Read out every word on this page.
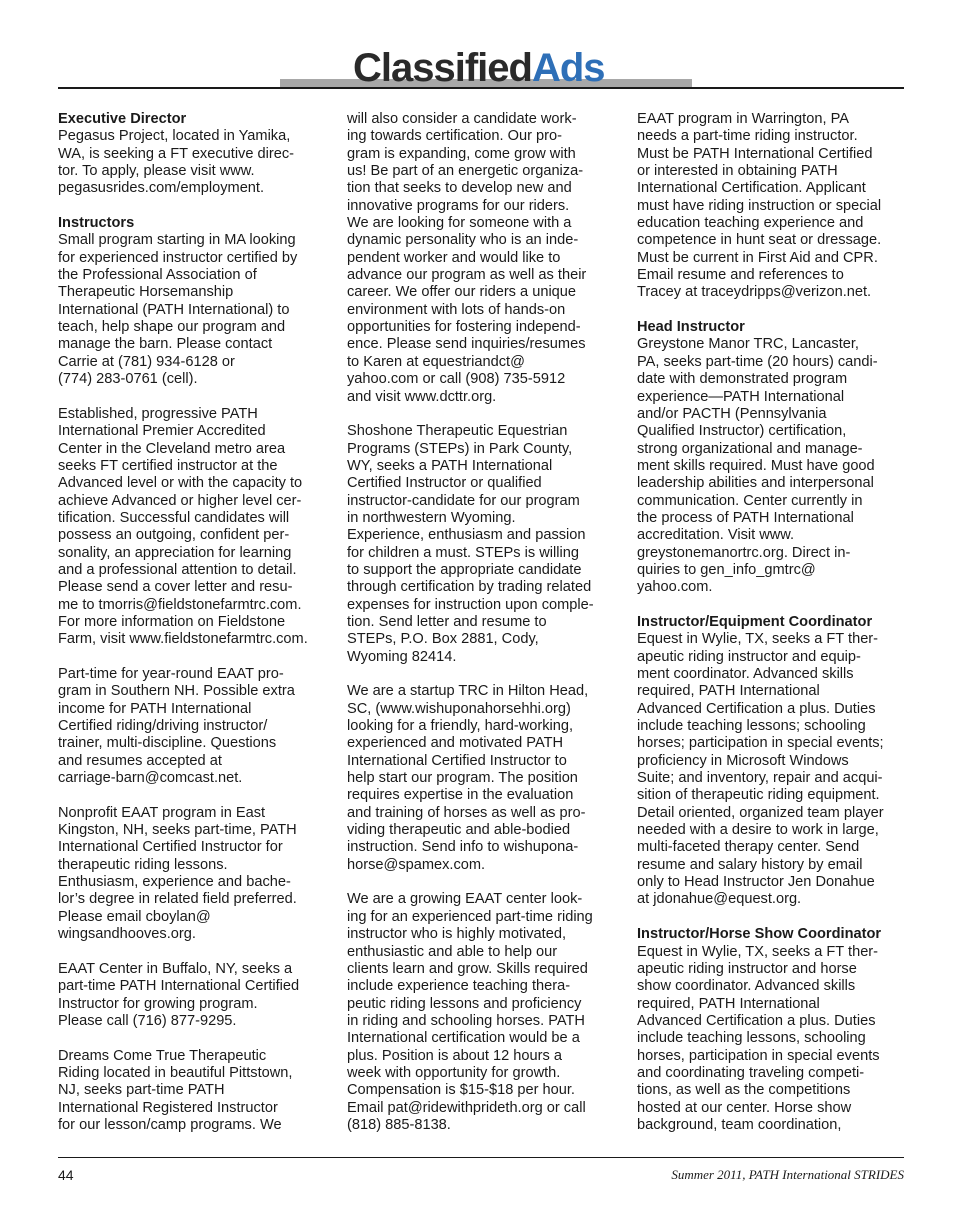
ClassifiedAds
Executive Director
Pegasus Project, located in Yamika,
WA, is seeking a FT executive direc-
tor. To apply, please visit www.
pegasusrides.com/employment.
Instructors
Small program starting in MA looking
for experienced instructor certified by
the Professional Association of
Therapeutic Horsemanship
International (PATH International) to
teach, help shape our program and
manage the barn. Please contact
Carrie at (781) 934-6128 or
(774) 283-0761 (cell).
Established, progressive PATH
International Premier Accredited
Center in the Cleveland metro area
seeks FT certified instructor at the
Advanced level or with the capacity to
achieve Advanced or higher level cer-
tification. Successful candidates will
possess an outgoing, confident per-
sonality, an appreciation for learning
and a professional attention to detail.
Please send a cover letter and resu-
me to tmorris@fieldstonefarmtrc.com.
For more information on Fieldstone
Farm, visit www.fieldstonefarmtrc.com.
Part-time for year-round EAAT pro-
gram in Southern NH. Possible extra
income for PATH International
Certified riding/driving instructor/
trainer, multi-discipline. Questions
and resumes accepted at
carriage-barn@comcast.net.
Nonprofit EAAT program in East
Kingston, NH, seeks part-time, PATH
International Certified Instructor for
therapeutic riding lessons.
Enthusiasm, experience and bache-
lor’s degree in related field preferred.
Please email cboylan@
wingsandhooves.org.
EAAT Center in Buffalo, NY, seeks a
part-time PATH International Certified
Instructor for growing program.
Please call (716) 877-9295.
Dreams Come True Therapeutic
Riding located in beautiful Pittstown,
NJ, seeks part-time PATH
International Registered Instructor
for our lesson/camp programs. We
will also consider a candidate work-
ing towards certification. Our pro-
gram is expanding, come grow with
us! Be part of an energetic organiza-
tion that seeks to develop new and
innovative programs for our riders.
We are looking for someone with a
dynamic personality who is an inde-
pendent worker and would like to
advance our program as well as their
career. We offer our riders a unique
environment with lots of hands-on
opportunities for fostering independ-
ence. Please send inquiries/resumes
to Karen at equestriandct@
yahoo.com or call (908) 735-5912
and visit www.dcttr.org.
Shoshone Therapeutic Equestrian
Programs (STEPs) in Park County,
WY, seeks a PATH International
Certified Instructor or qualified
instructor-candidate for our program
in northwestern Wyoming.
Experience, enthusiasm and passion
for children a must. STEPs is willing
to support the appropriate candidate
through certification by trading related
expenses for instruction upon comple-
tion. Send letter and resume to
STEPs, P.O. Box 2881, Cody,
Wyoming 82414.
We are a startup TRC in Hilton Head,
SC, (www.wishuponahorsehhi.org)
looking for a friendly, hard-working,
experienced and motivated PATH
International Certified Instructor to
help start our program. The position
requires expertise in the evaluation
and training of horses as well as pro-
viding therapeutic and able-bodied
instruction. Send info to wishupona-
horse@spamex.com.
We are a growing EAAT center look-
ing for an experienced part-time riding
instructor who is highly motivated,
enthusiastic and able to help our
clients learn and grow. Skills required
include experience teaching thera-
peutic riding lessons and proficiency
in riding and schooling horses. PATH
International certification would be a
plus. Position is about 12 hours a
week with opportunity for growth.
Compensation is $15-$18 per hour.
Email pat@ridewithprideth.org or call
(818) 885-8138.
EAAT program in Warrington, PA
needs a part-time riding instructor.
Must be PATH International Certified
or interested in obtaining PATH
International Certification. Applicant
must have riding instruction or special
education teaching experience and
competence in hunt seat or dressage.
Must be current in First Aid and CPR.
Email resume and references to
Tracey at traceydripps@verizon.net.
Head Instructor
Greystone Manor TRC, Lancaster,
PA, seeks part-time (20 hours) candi-
date with demonstrated program
experience—PATH International
and/or PACTH (Pennsylvania
Qualified Instructor) certification,
strong organizational and manage-
ment skills required. Must have good
leadership abilities and interpersonal
communication. Center currently in
the process of PATH International
accreditation. Visit www.
greystonemanortrc.org. Direct in-
quiries to gen_info_gmtrc@
yahoo.com.
Instructor/Equipment Coordinator
Equest in Wylie, TX, seeks a FT ther-
apeutic riding instructor and equip-
ment coordinator. Advanced skills
required, PATH International
Advanced Certification a plus. Duties
include teaching lessons; schooling
horses; participation in special events;
proficiency in Microsoft Windows
Suite; and inventory, repair and acqui-
sition of therapeutic riding equipment.
Detail oriented, organized team player
needed with a desire to work in large,
multi-faceted therapy center. Send
resume and salary history by email
only to Head Instructor Jen Donahue
at jdonahue@equest.org.
Instructor/Horse Show Coordinator
Equest in Wylie, TX, seeks a FT ther-
apeutic riding instructor and horse
show coordinator. Advanced skills
required, PATH International
Advanced Certification a plus. Duties
include teaching lessons, schooling
horses, participation in special events
and coordinating traveling competi-
tions, as well as the competitions
hosted at our center. Horse show
background, team coordination,
44	Summer 2011, PATH International STRIDES
